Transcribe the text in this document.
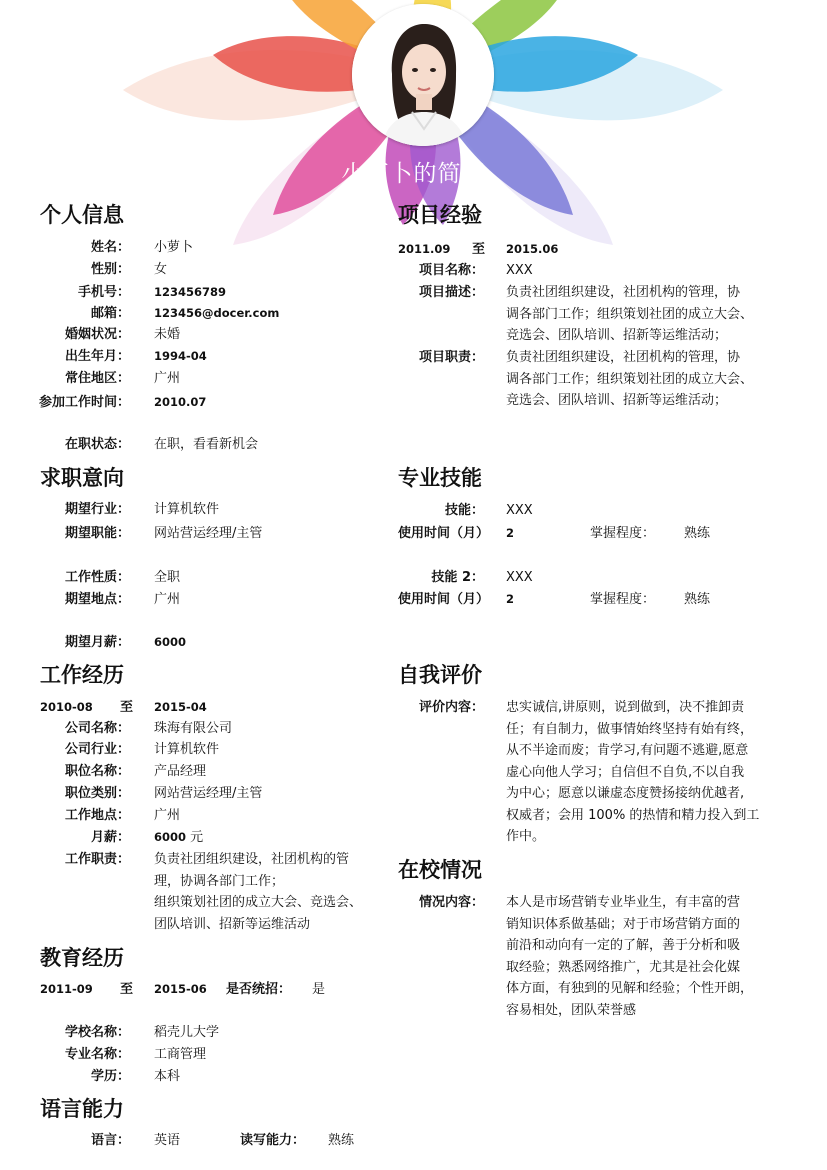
小萝卜的简历
个人信息
姓名： 小萝卜
性别： 女
手机号： 123456789
邮箱： 123456@docer.com
婚姻状况： 未婚
出生年月： 1994-04
常住地区： 广州
参加工作时间： 2010.07
在职状态： 在职，看看新机会
求职意向
期望行业： 计算机软件
期望职能： 网站营运经理/主管
工作性质： 全职
期望地点： 广州
期望月薪： 6000
工作经历
2010-08 至 2015-04
公司名称： 珠海有限公司
公司行业： 计算机软件
职位名称： 产品经理
职位类别： 网站营运经理/主管
工作地点： 广州
月薪： 6000 元
工作职责： 负责社团组织建设，社团机构的管
理，协调各部门工作；
组织策划社团的成立大会、竞选会、
团队培训、招新等运维活动
教育经历
2011-09 至 2015-06 是否统招： 是
学校名称： 稻壳儿大学
专业名称： 工商管理
学历： 本科
语言能力
语言： 英语	读写能力： 熟练
项目经验
2011.09 至 2015.06
项目名称： XXX
项目描述： 负责社团组织建设，社团机构的管理，协
调各部门工作；组织策划社团的成立大会、
竞选会、团队培训、招新等运维活动；
项目职责： 负责社团组织建设，社团机构的管理，协
调各部门工作；组织策划社团的成立大会、
竞选会、团队培训、招新等运维活动；
专业技能
技能： XXX
使用时间（月） 2	掌握程度： 熟练
技能 2： XXX
使用时间（月） 2	掌握程度： 熟练
自我评价
评价内容： 忠实诚信,讲原则，说到做到，决不推卸责
任；有自制力，做事情始终坚持有始有终，
从不半途而废；肯学习,有问题不逃避,愿意
虚心向他人学习；自信但不自负,不以自我
为中心；愿意以谦虚态度赞扬接纳优越者,
权威者；会用 100% 的热情和精力投入到工
作中。
在校情况
情况内容： 本人是市场营销专业毕业生，有丰富的营
销知识体系做基础；对于市场营销方面的
前沿和动向有一定的了解，善于分析和吸
取经验；熟悉网络推广，尤其是社会化媒
体方面，有独到的见解和经验；个性开朗，
容易相处，团队荣誉感
